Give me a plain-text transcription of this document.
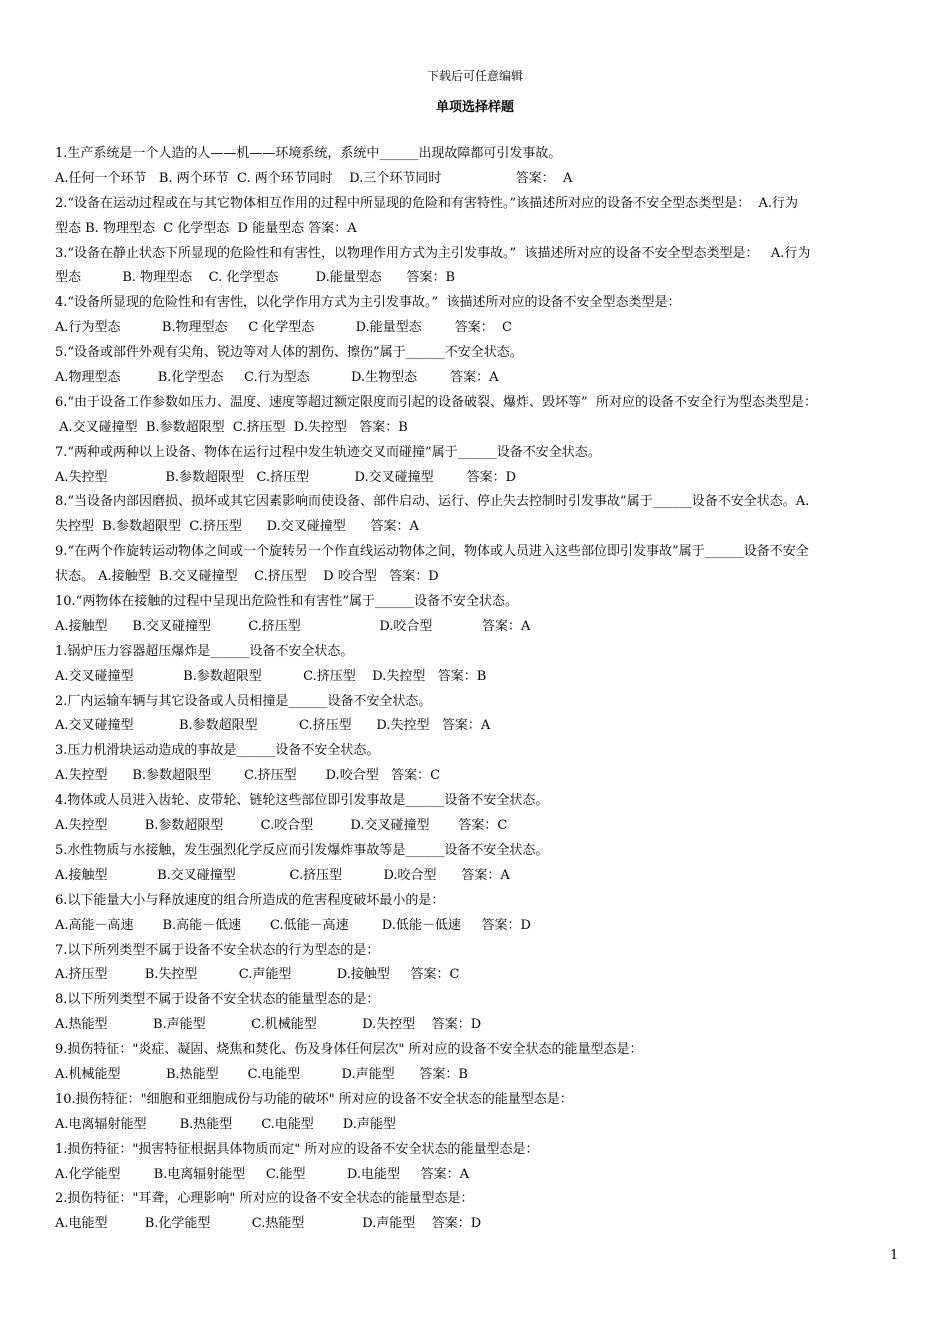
下载后可任意编辑
单项选择样题
1.生产系统是一个人造的人——机——环境系统，系统中______出现故障都可引发事故。
A.任何一个环节   B. 两个环节  C. 两个环节同时    D.三个环节同时                  答案：  A
2.“设备在运动过程或在与其它物体相互作用的过程中所显现的危险和有害特性。”该描述所对应的设备不安全型态类型是：  A.行为
型态 B. 物理型态  C 化学型态  D 能量型态 答案：A
3.“设备在静止状态下所显现的危险性和有害性，以物理作用方式为主引发事故。”  该描述所对应的设备不安全型态类型是：   A.行为
型态          B. 物理型态    C. 化学型态         D.能量型态      答案：B
4.“设备所显现的危险性和有害性，以化学作用方式为主引发事故。”  该描述所对应的设备不安全型态类型是：
A.行为型态          B.物理型态     C 化学型态          D.能量型态        答案：  C
5.“设备或部件外观有尖角、锐边等对人体的割伤、擦伤”属于______不安全状态。
A.物理型态         B.化学型态     C.行为型态          D.生物型态        答案：A
6.“由于设备工作参数如压力、温度、速度等超过额定限度而引起的设备破裂、爆炸、毁坏等”  所对应的设备不安全行为型态类型是：
A.交叉碰撞型  B.参数超限型  C.挤压型  D.失控型   答案：B
7.“两种或两种以上设备、物体在运行过程中发生轨迹交叉而碰撞”属于______设备不安全状态。
A.失控型              B.参数超限型   C.挤压型           D.交叉碰撞型        答案：D
8.“当设备内部因磨损、损坏或其它因素影响而使设备、部件启动、运行、停止失去控制时引发事故”属于______设备不安全状态。A.
失控型  B.参数超限型  C.挤压型      D.交叉碰撞型      答案：A
9.“在两个作旋转运动物体之间或一个旋转另一个作直线运动物体之间，物体或人员进入这些部位即引发事故”属于______设备不安全
状态。 A.接触型  B.交叉碰撞型    C.挤压型    D 咬合型   答案：D
10.“两物体在接触的过程中呈现出危险性和有害性”属于______设备不安全状态。
A.接触型      B.交叉碰撞型         C.挤压型                   D.咬合型            答案：A
1.锅炉压力容器超压爆炸是______设备不安全状态。
A.交叉碰撞型            B.参数超限型          C.挤压型    D.失控型   答案：B
2.厂内运输车辆与其它设备或人员相撞是______设备不安全状态。
A.交叉碰撞型           B.参数超限型          C.挤压型      D.失控型   答案：A
3.压力机滑块运动造成的事故是______设备不安全状态。
A.失控型      B.参数超限型        C.挤压型       D.咬合型   答案：C
4.物体或人员进入齿轮、皮带轮、链轮这些部位即引发事故是______设备不安全状态。
A.失控型         B.参数超限型         C.咬合型         D.交叉碰撞型       答案：C
5.水性物质与水接触，发生强烈化学反应而引发爆炸事故等是______设备不安全状态。
A.接触型            B.交叉碰撞型             C.挤压型          D.咬合型      答案：A
6.以下能量大小与释放速度的组合所造成的危害程度破坏最小的是：
A.高能－高速       B.高能－低速       C.低能－高速        D.低能－低速     答案：D
7.以下所列类型不属于设备不安全状态的行为型态的是：
A.挤压型         B.失控型          C.声能型           D.接触型     答案：C
8.以下所列类型不属于设备不安全状态的能量型态的是：
A.热能型           B.声能型           C.机械能型           D.失控型    答案：D
9.损伤特征："炎症、凝固、烧焦和焚化、伤及身体任何层次" 所对应的设备不安全状态的能量型态是：
A.机械能型           B.热能型       C.电能型          D.声能型      答案：B
10.损伤特征："细胞和亚细胞成份与功能的破坏" 所对应的设备不安全状态的能量型态是：
A.电离辐射能型        B.热能型       C.电能型       D.声能型
1.损伤特征："损害特征根据具体物质而定" 所对应的设备不安全状态的能量型态是：
A.化学能型        B.电离辐射能型     C.能型          D.电能型     答案：A
2.损伤特征："耳聋，心理影响" 所对应的设备不安全状态的能量型态是：
A.电能型         B.化学能型          C.热能型              D.声能型    答案：D
1
